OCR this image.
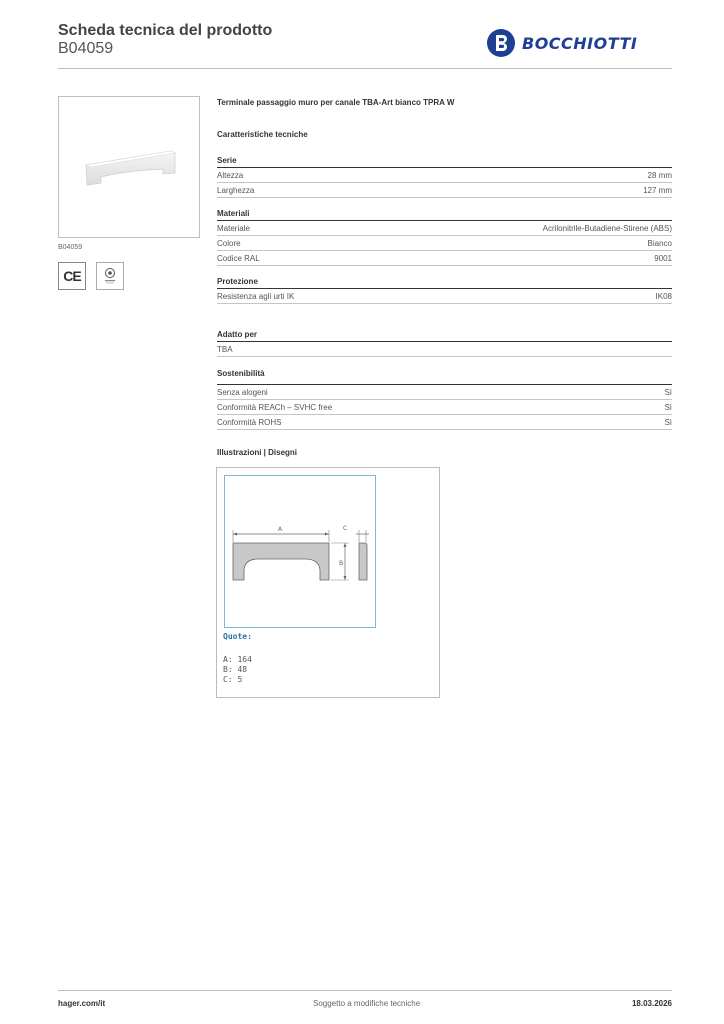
Scheda tecnica del prodotto
B04059	BOCCHIOTTI
B04059
CE
Terminale passaggio muro per canale TBA-Art bianco TPRA W
Caratteristiche tecniche
Serie
Altezza	28 mm
Larghezza	127 mm
Materiali
Materiale	Acrilonitrile-Butadiene-Stirene (ABS)
Colore	Bianco
Codice RAL	9001
Protezione
Resistenza agli urti IK	IK08
Adatto per
TBA
Sostenibilità
Senza alogeni	Sì
Conformità REACh – SVHC free	Sì
Conformità ROHS	Sì
Illustrazioni | Disegni
A
B
C
Quote:
A: 164
B: 48
C: 5
hager.com/it	Soggetto a modifiche tecniche	18.03.2026
